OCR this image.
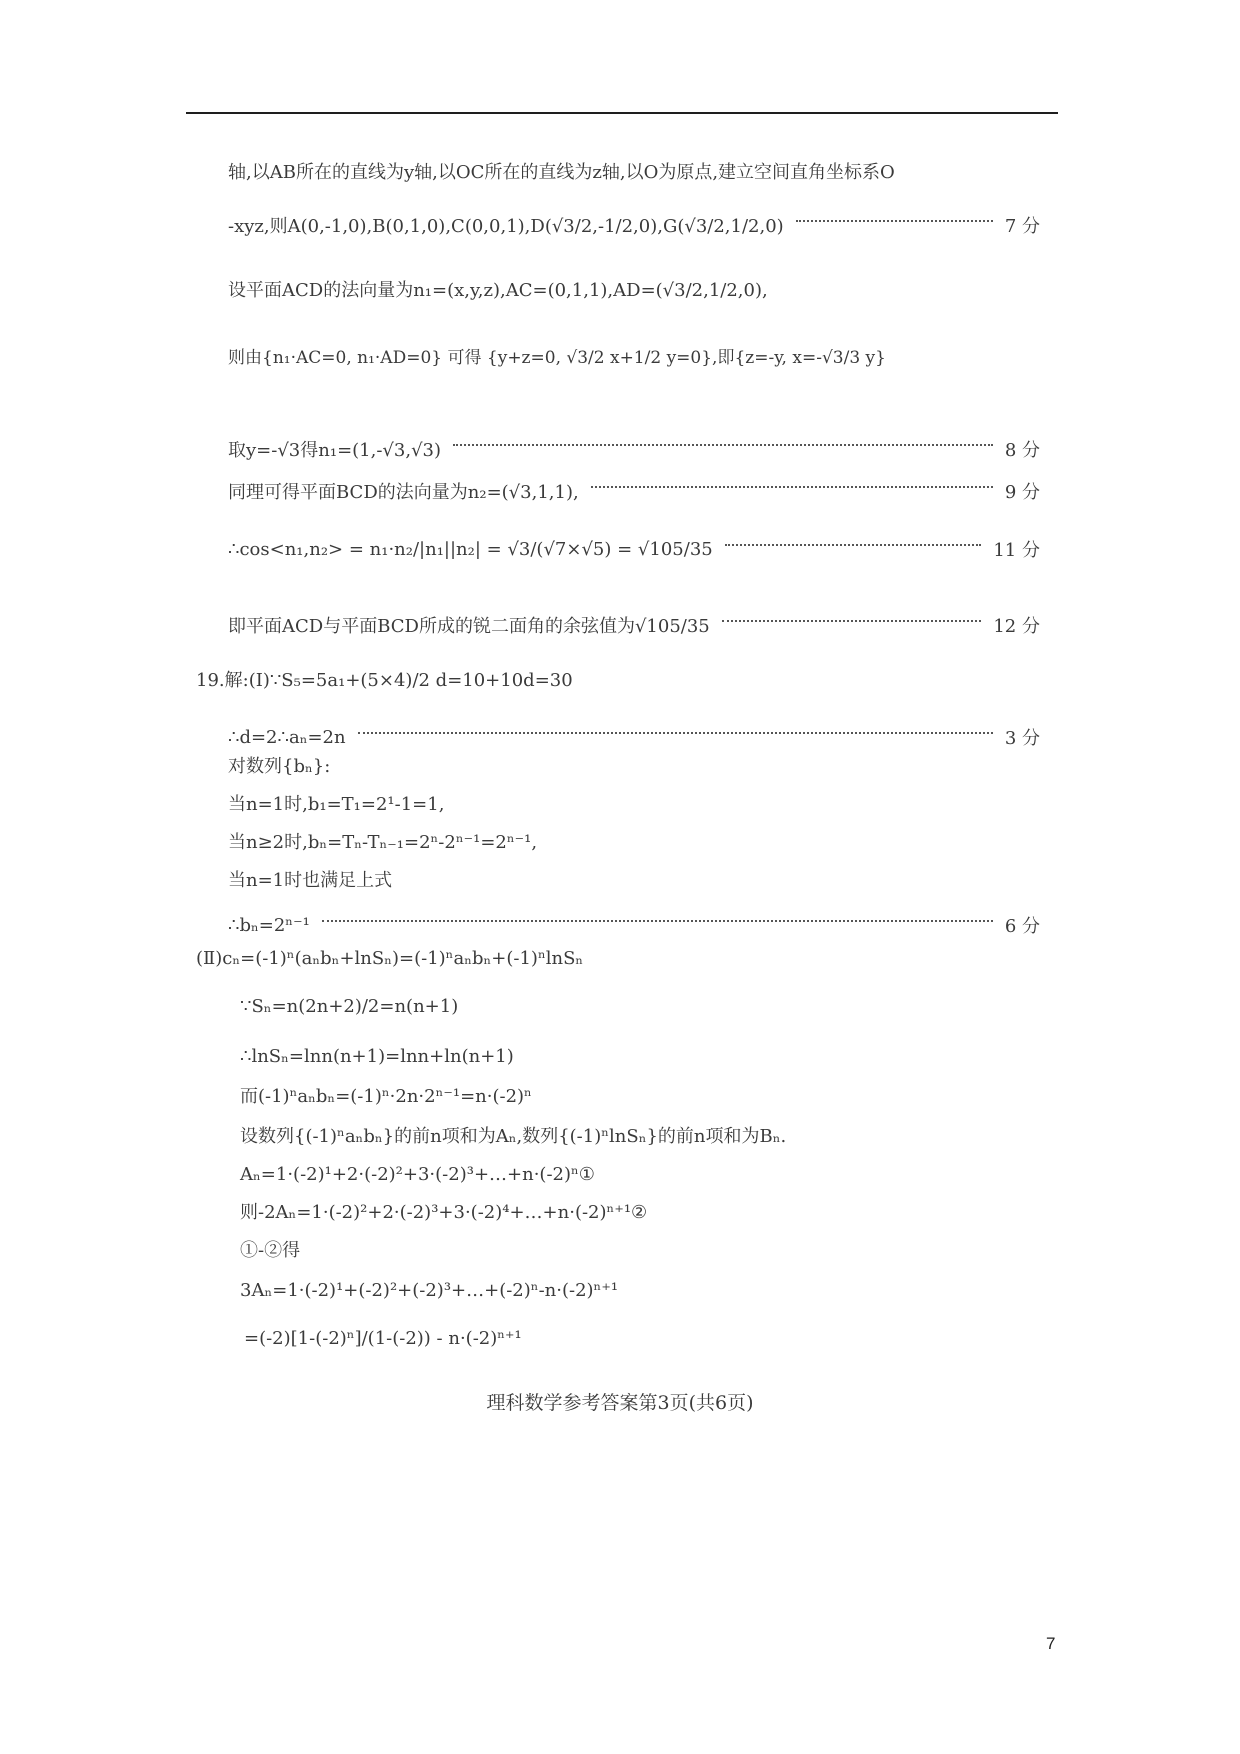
轴,以AB所在的直线为y轴,以OC所在的直线为z轴,以O为原点,建立空间直角坐标系O
-xyz,则A(0,-1,0),B(0,1,0),C(0,0,1),D(√3/2,-1/2,0),G(√3/2,1/2,0)	7 分
设平面ACD的法向量为n₁=(x,y,z),AC=(0,1,1),AD=(√3/2,1/2,0),
则由{n₁·AC=0, n₁·AD=0} 可得 {y+z=0, √3/2 x+1/2 y=0},即{z=-y, x=-√3/3 y}
取y=-√3得n₁=(1,-√3,√3)	8 分
同理可得平面BCD的法向量为n₂=(√3,1,1),	9 分
∴cos<n₁,n₂> = n₁·n₂/|n₁||n₂| = √3/(√7×√5) = √105/35	11 分
即平面ACD与平面BCD所成的锐二面角的余弦值为√105/35	12 分
19.解:(Ⅰ)∵S₅=5a₁+(5×4)/2 d=10+10d=30
∴d=2∴aₙ=2n	3 分
对数列{bₙ}:
当n=1时,b₁=T₁=2¹-1=1,
当n≥2时,bₙ=Tₙ-Tₙ₋₁=2ⁿ-2ⁿ⁻¹=2ⁿ⁻¹,
当n=1时也满足上式
∴bₙ=2ⁿ⁻¹	6 分
(Ⅱ)cₙ=(-1)ⁿ(aₙbₙ+lnSₙ)=(-1)ⁿaₙbₙ+(-1)ⁿlnSₙ
∵Sₙ=n(2n+2)/2=n(n+1)
∴lnSₙ=lnn(n+1)=lnn+ln(n+1)
而(-1)ⁿaₙbₙ=(-1)ⁿ·2n·2ⁿ⁻¹=n·(-2)ⁿ
设数列{(-1)ⁿaₙbₙ}的前n项和为Aₙ,数列{(-1)ⁿlnSₙ}的前n项和为Bₙ.
Aₙ=1·(-2)¹+2·(-2)²+3·(-2)³+…+n·(-2)ⁿ①
则-2Aₙ=1·(-2)²+2·(-2)³+3·(-2)⁴+…+n·(-2)ⁿ⁺¹②
①-②得
3Aₙ=1·(-2)¹+(-2)²+(-2)³+…+(-2)ⁿ-n·(-2)ⁿ⁺¹
=(-2)[1-(-2)ⁿ]/(1-(-2)) - n·(-2)ⁿ⁺¹
理科数学参考答案第3页(共6页)
7
